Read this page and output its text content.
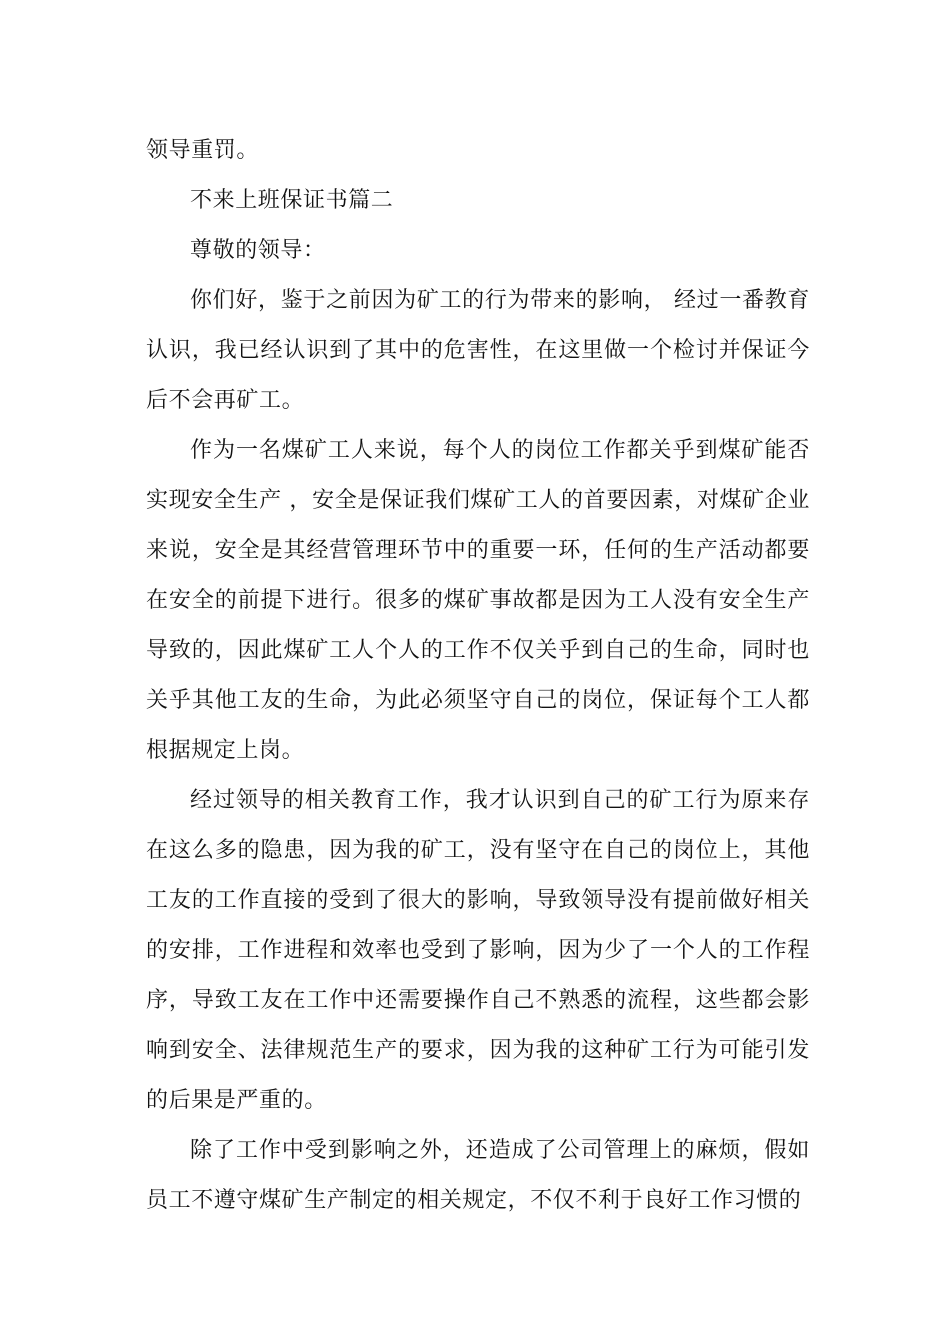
领导重罚。

不来上班保证书篇二

尊敬的领导：

你们好，鉴于之前因为矿工的行为带来的影响， 经过一番教育认识，我已经认识到了其中的危害性，在这里做一个检讨并保证今后不会再矿工。

作为一名煤矿工人来说，每个人的岗位工作都关乎到煤矿能否实现安全生产 ，安全是保证我们煤矿工人的首要因素，对煤矿企业来说，安全是其经营管理环节中的重要一环，任何的生产活动都要在安全的前提下进行。很多的煤矿事故都是因为工人没有安全生产导致的，因此煤矿工人个人的工作不仅关乎到自己的生命，同时也关乎其他工友的生命，为此必须坚守自己的岗位，保证每个工人都根据规定上岗。

经过领导的相关教育工作，我才认识到自己的矿工行为原来存在这么多的隐患，因为我的矿工，没有坚守在自己的岗位上，其他工友的工作直接的受到了很大的影响，导致领导没有提前做好相关的安排，工作进程和效率也受到了影响，因为少了一个人的工作程序，导致工友在工作中还需要操作自己不熟悉的流程，这些都会影响到安全、法律规范生产的要求，因为我的这种矿工行为可能引发的后果是严重的。

除了工作中受到影响之外，还造成了公司管理上的麻烦，假如员工不遵守煤矿生产制定的相关规定，不仅不利于良好工作习惯的
